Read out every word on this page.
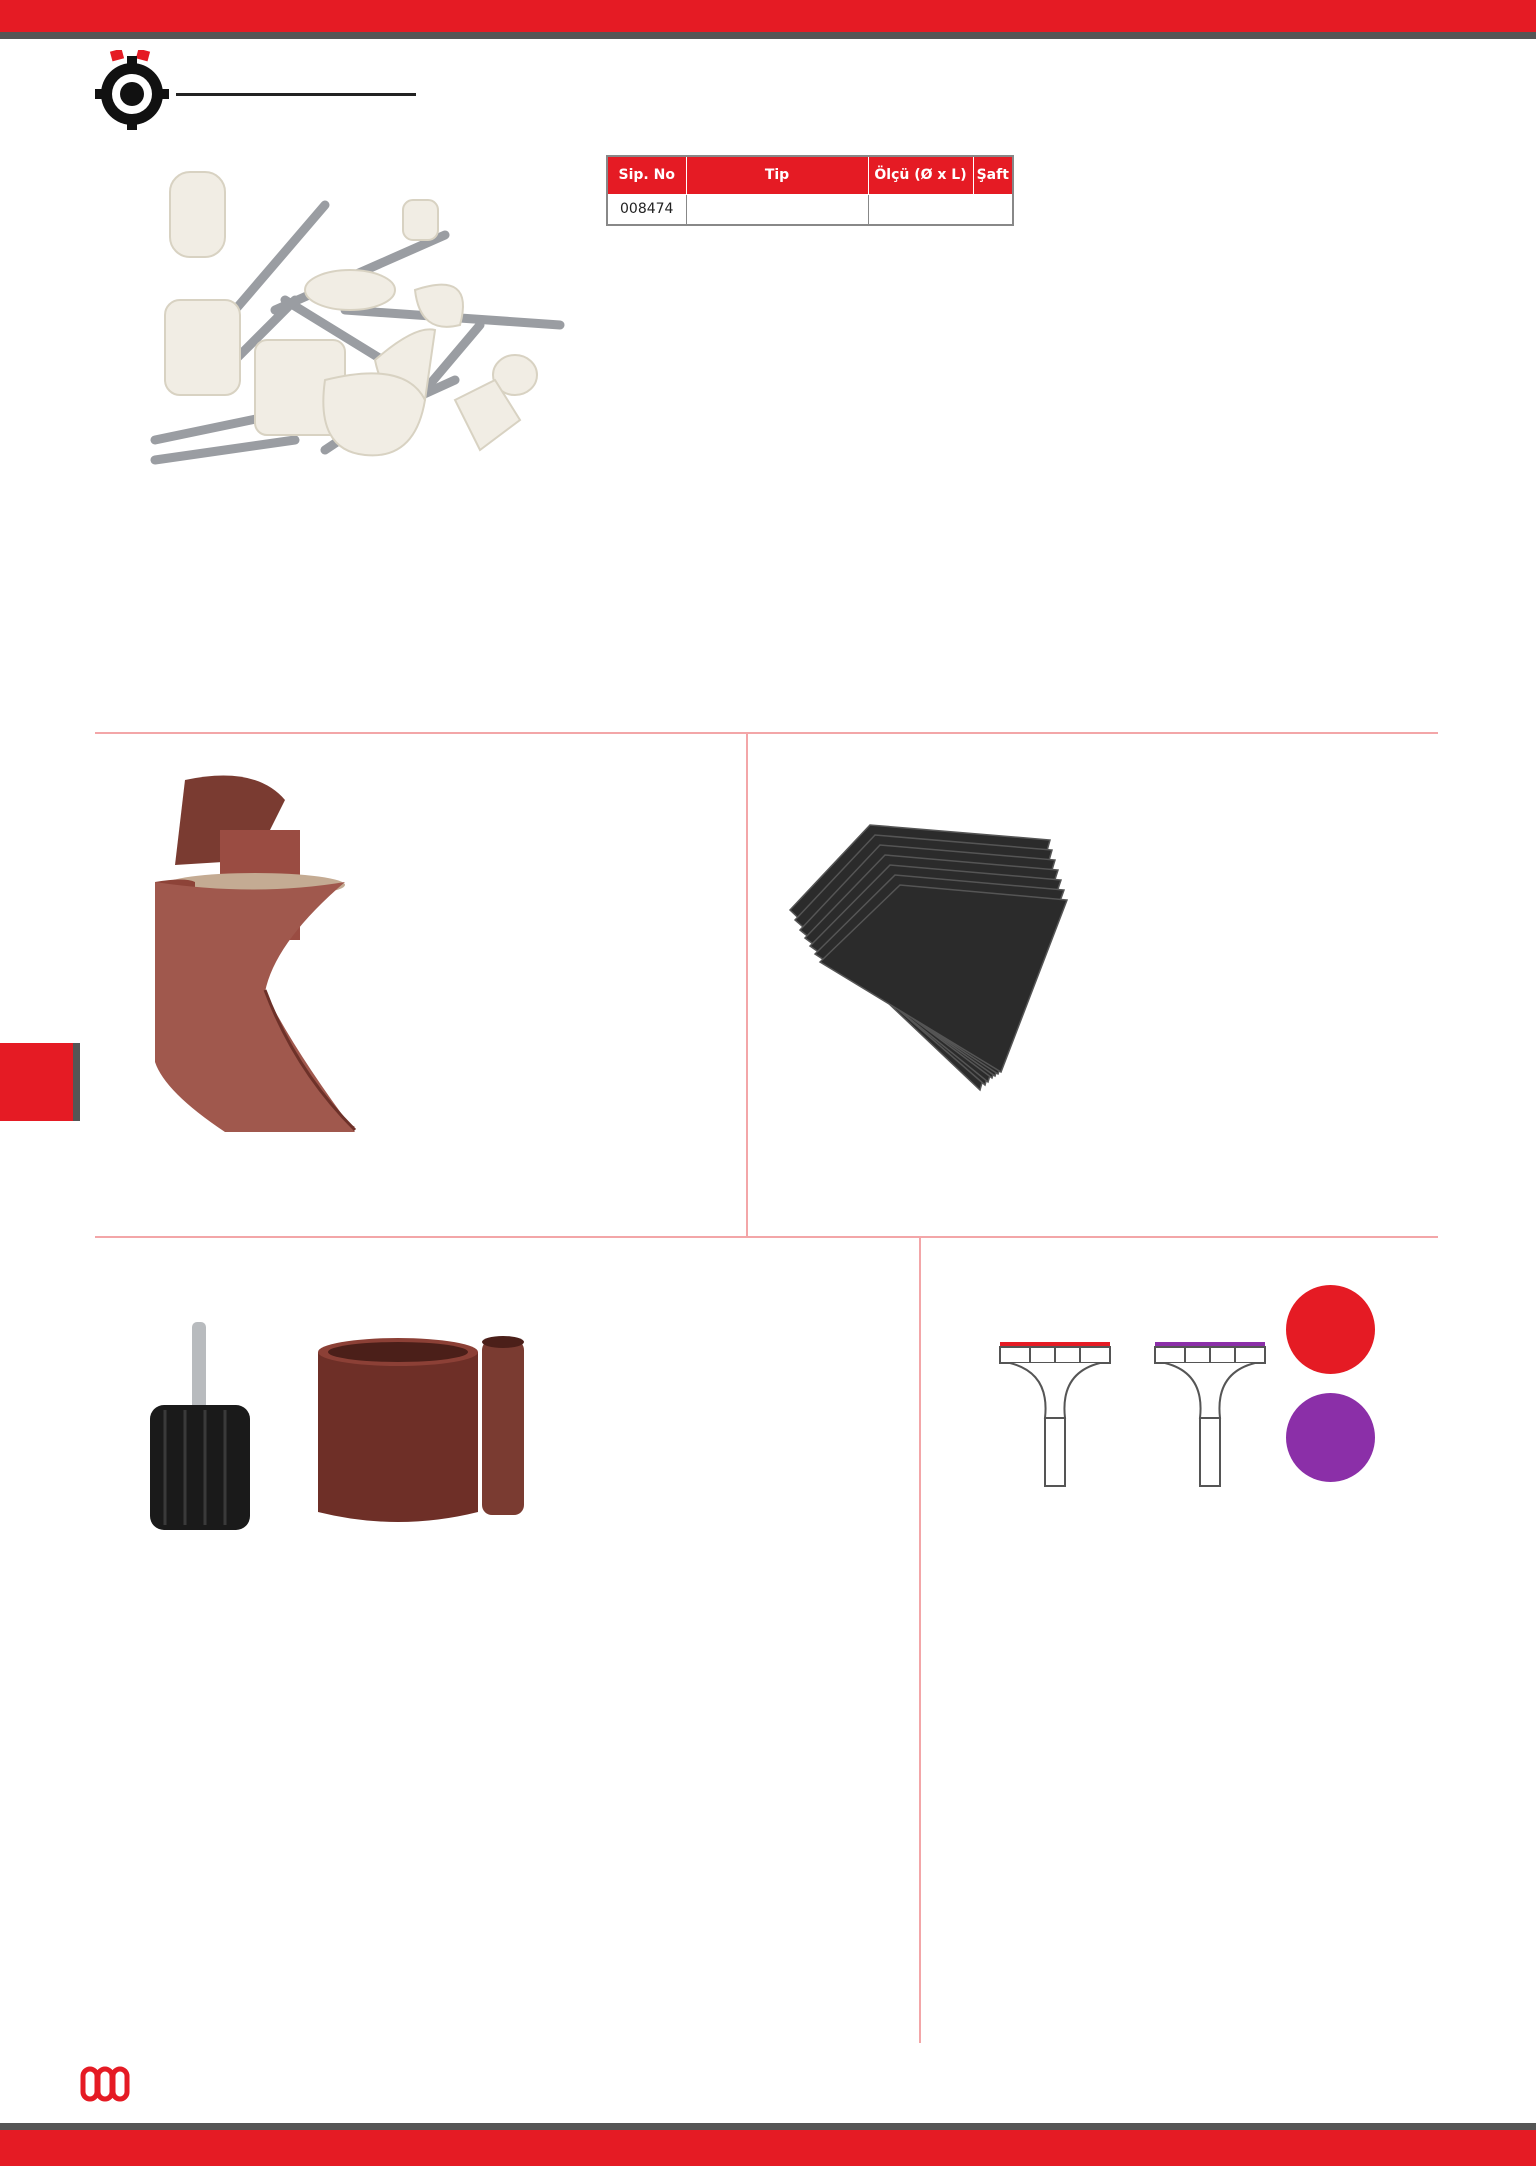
Sip. No	Tip	Ölçü (Ø x L)	Şaft
008474			
